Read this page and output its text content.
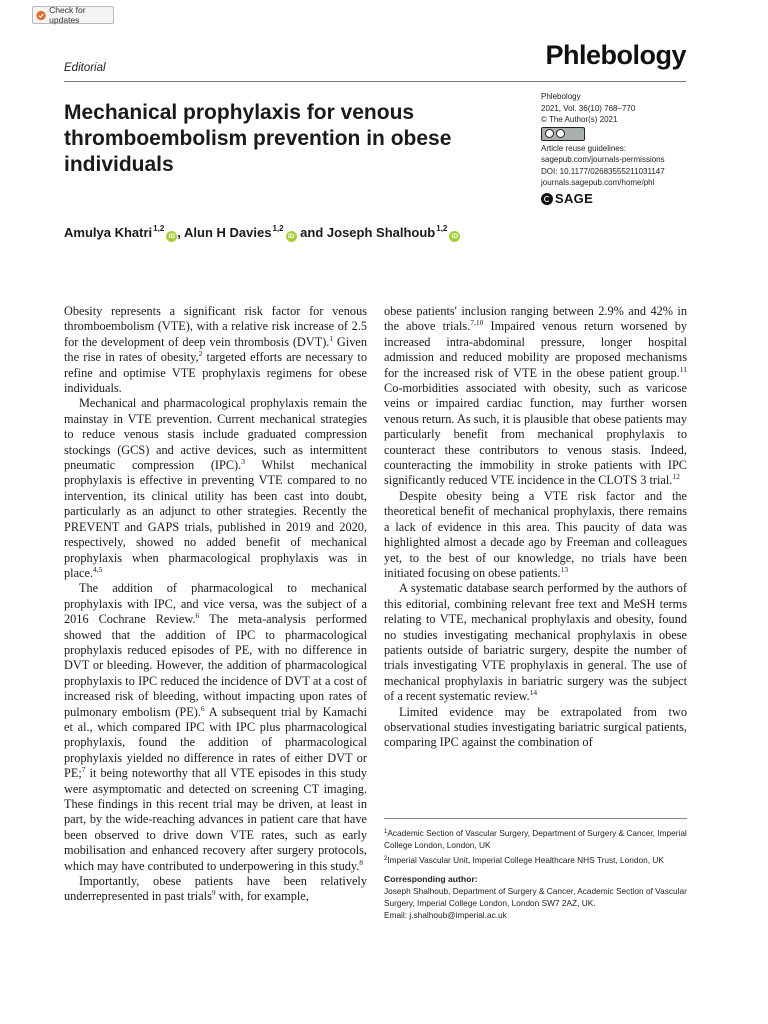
Check for updates
Editorial	Phlebology
Mechanical prophylaxis for venous thromboembolism prevention in obese individuals
Phlebology
2021, Vol. 36(10) 768–770
© The Author(s) 2021
Article reuse guidelines:
sagepub.com/journals-permissions
DOI: 10.1177/02683555211031147
journals.sagepub.com/home/phl
SAGE
Amulya Khatri$^{1,2}$iD , Alun H Davies$^{1,2}$iD and Joseph Shalhoub$^{1,2}$iD

Obesity represents a significant risk factor for venous thromboembolism (VTE), with a relative risk increase of 2.5 for the development of deep vein thrombosis (DVT).$^1$ Given the rise in rates of obesity,$^2$ targeted efforts are necessary to refine and optimise VTE prophylaxis regimens for obese individuals.

Mechanical and pharmacological prophylaxis remain the mainstay in VTE prevention. Current mechanical strategies to reduce venous stasis include graduated compression stockings (GCS) and active devices, such as intermittent pneumatic compression (IPC).$^3$ Whilst mechanical prophylaxis is effective in preventing VTE compared to no intervention, its clinical utility has been cast into doubt, particularly as an adjunct to other strategies. Recently the PREVENT and GAPS trials, published in 2019 and 2020, respectively, showed no added benefit of mechanical prophylaxis when pharmacological prophylaxis was in place.$^{4,5}$

The addition of pharmacological to mechanical prophylaxis with IPC, and vice versa, was the subject of a 2016 Cochrane Review.$^6$ The meta-analysis performed showed that the addition of IPC to pharmacological prophylaxis reduced episodes of PE, with no difference in DVT or bleeding. However, the addition of pharmacological prophylaxis to IPC reduced the incidence of DVT at a cost of increased risk of bleeding, without impacting upon rates of pulmonary embolism (PE).$^6$ A subsequent trial by Kamachi et al., which compared IPC with IPC plus pharmacological prophylaxis, found the addition of pharmacological prophylaxis yielded no difference in rates of either DVT or PE;$^7$ it being noteworthy that all VTE episodes in this study were asymptomatic and detected on screening CT imaging. These findings in this recent trial may be driven, at least in part, by the wide-reaching advances in patient care that have been observed to drive down VTE rates, such as early mobilisation and enhanced recovery after surgery protocols, which may have contributed to underpowering in this study.$^8$

Importantly, obese patients have been relatively underrepresented in past trials$^9$ with, for example,

obese patients' inclusion ranging between 2.9% and 42% in the above trials.$^{7,10}$ Impaired venous return worsened by increased intra-abdominal pressure, longer hospital admission and reduced mobility are proposed mechanisms for the increased risk of VTE in the obese patient group.$^{11}$ Co-morbidities associated with obesity, such as varicose veins or impaired cardiac function, may further worsen venous return. As such, it is plausible that obese patients may particularly benefit from mechanical prophylaxis to counteract these contributors to venous stasis. Indeed, counteracting the immobility in stroke patients with IPC significantly reduced VTE incidence in the CLOTS 3 trial.$^{12}$

Despite obesity being a VTE risk factor and the theoretical benefit of mechanical prophylaxis, there remains a lack of evidence in this area. This paucity of data was highlighted almost a decade ago by Freeman and colleagues yet, to the best of our knowledge, no trials have been initiated focusing on obese patients.$^{13}$

A systematic database search performed by the authors of this editorial, combining relevant free text and MeSH terms relating to VTE, mechanical prophylaxis and obesity, found no studies investigating mechanical prophylaxis in obese patients outside of bariatric surgery, despite the number of trials investigating VTE prophylaxis in general. The use of mechanical prophylaxis in bariatric surgery was the subject of a recent systematic review.$^{14}$

Limited evidence may be extrapolated from two observational studies investigating bariatric surgical patients, comparing IPC against the combination of

$^1$Academic Section of Vascular Surgery, Department of Surgery & Cancer, Imperial College London, London, UK

$^2$Imperial Vascular Unit, Imperial College Healthcare NHS Trust, London, UK

Corresponding author:

Joseph Shalhoub, Department of Surgery & Cancer, Academic Section of Vascular Surgery, Imperial College London, London SW7 2AZ, UK.

Email: j.shalhoub@imperial.ac.uk
